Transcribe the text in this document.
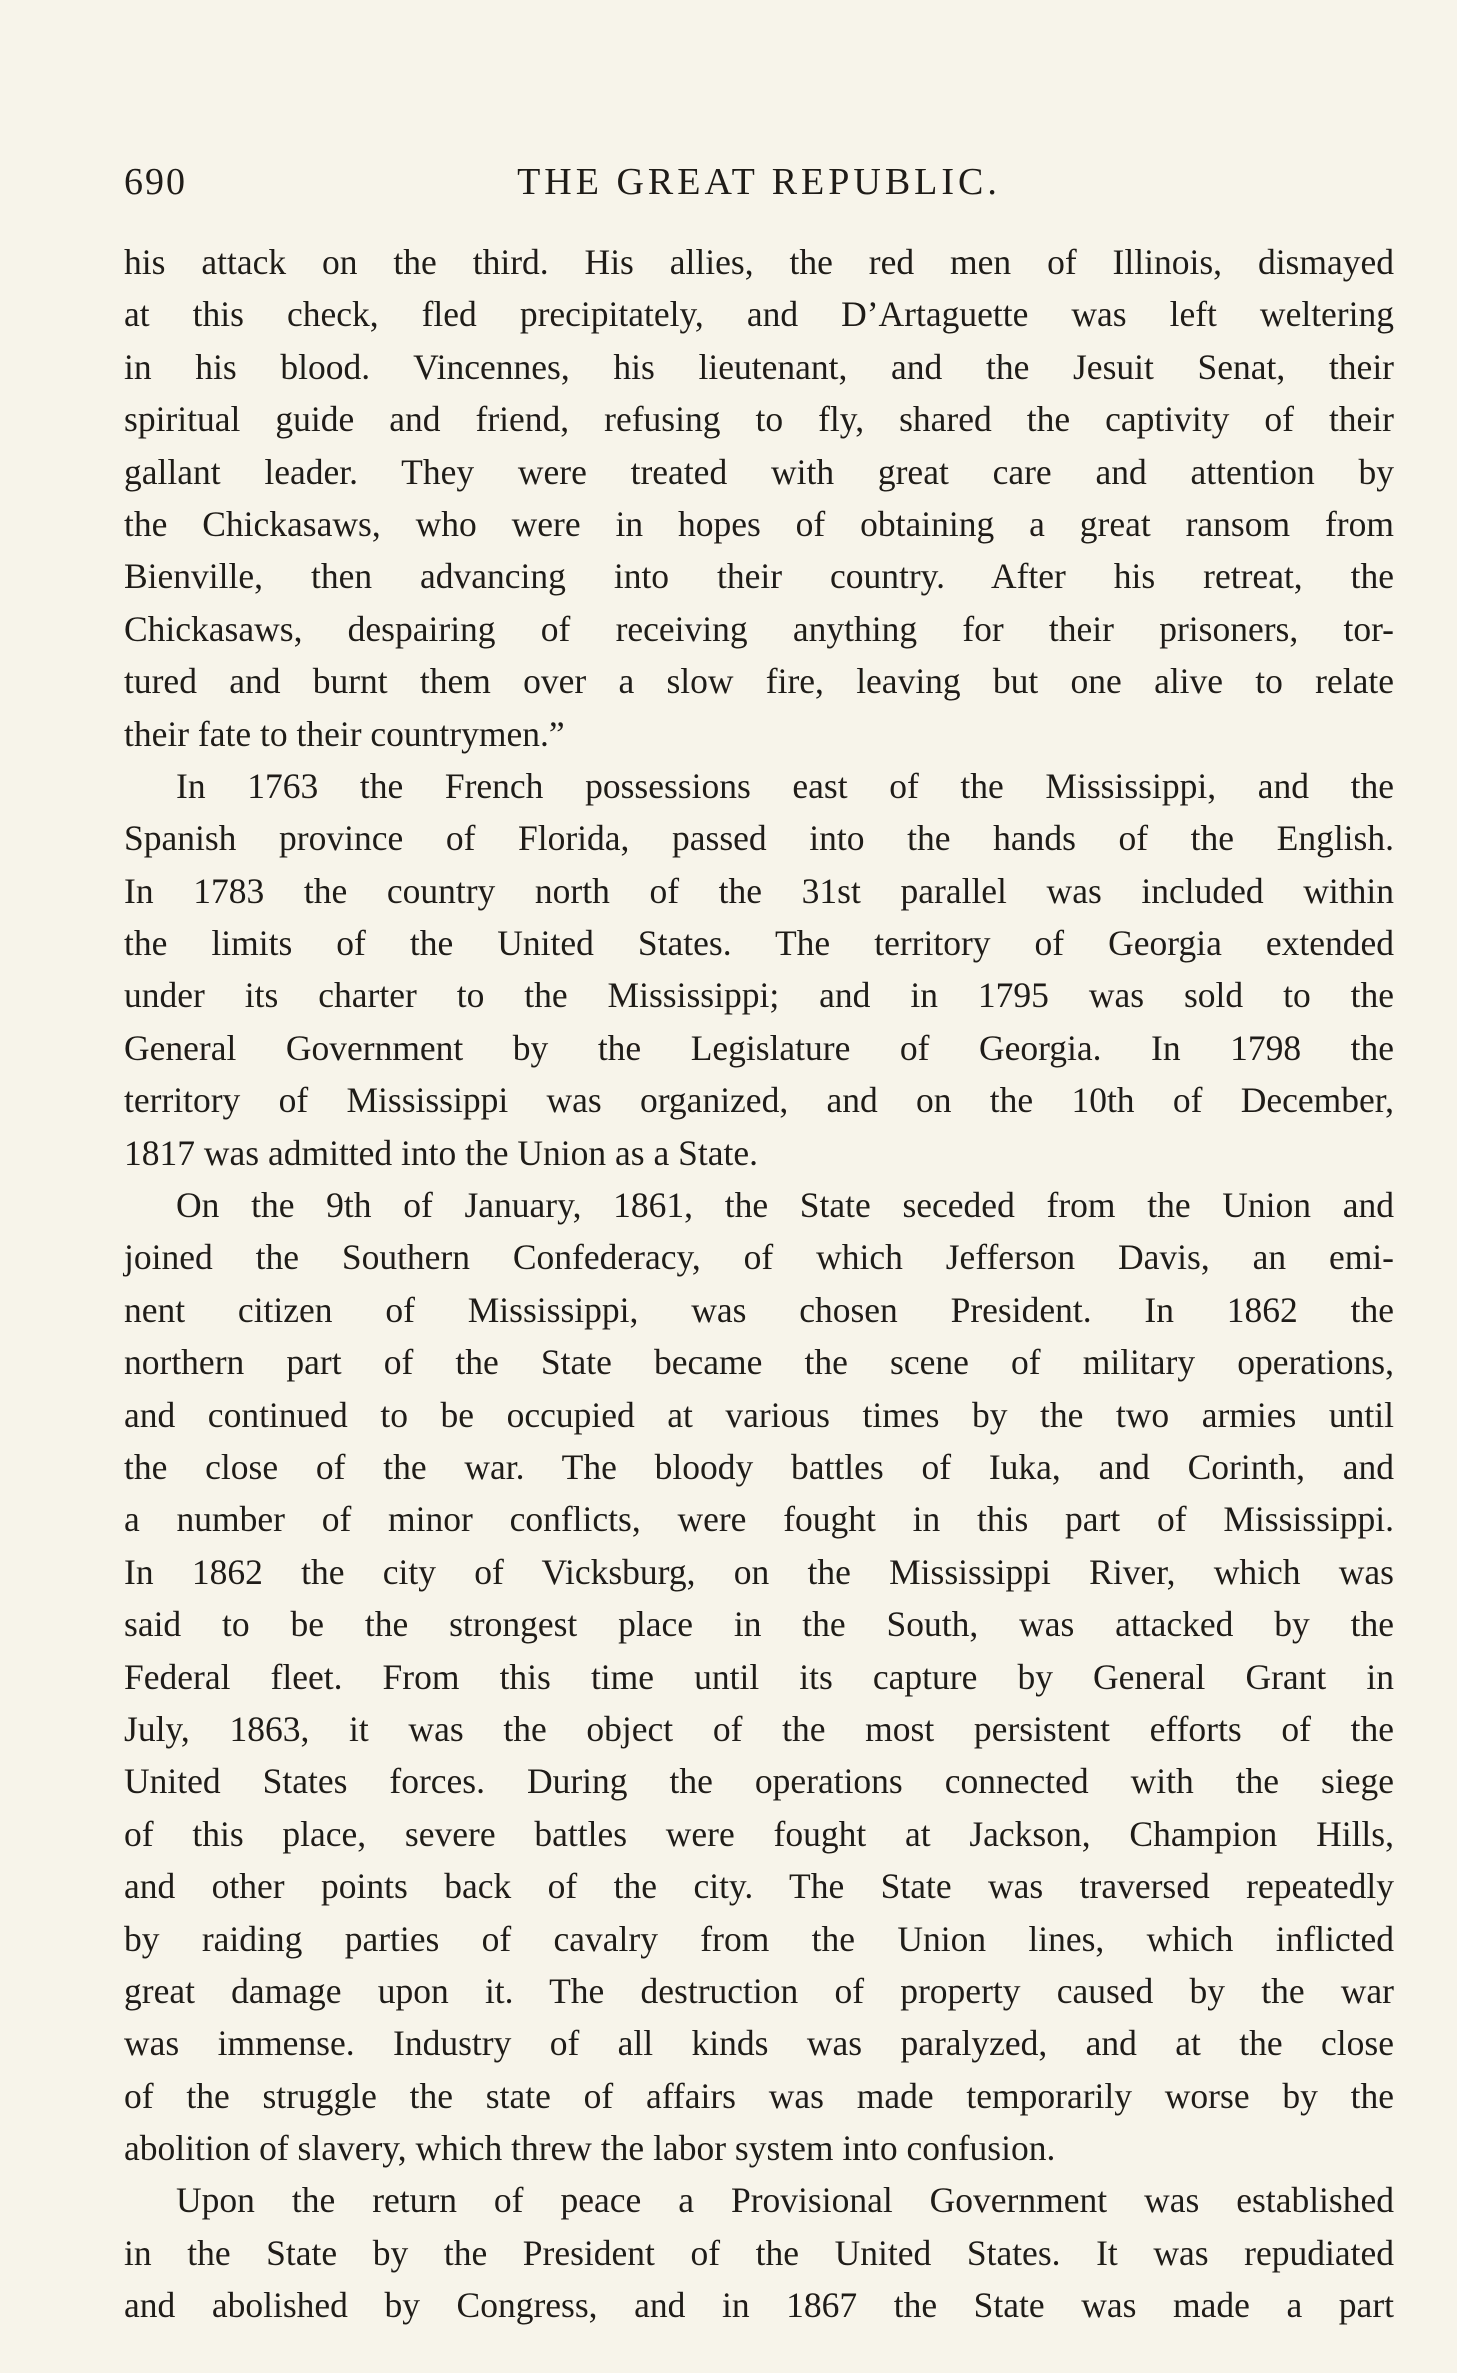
690	THE GREAT REPUBLIC.

his attack on the third. His allies, the red men of Illinois, dismayed
at this check, fled precipitately, and D’Artaguette was left weltering
in his blood. Vincennes, his lieutenant, and the Jesuit Senat, their
spiritual guide and friend, refusing to fly, shared the captivity of their
gallant leader. They were treated with great care and attention by
the Chickasaws, who were in hopes of obtaining a great ransom from
Bienville, then advancing into their country. After his retreat, the
Chickasaws, despairing of receiving anything for their prisoners, tor-
tured and burnt them over a slow fire, leaving but one alive to relate
their fate to their countrymen.”

In 1763 the French possessions east of the Mississippi, and the
Spanish province of Florida, passed into the hands of the English.
In 1783 the country north of the 31st parallel was included within
the limits of the United States. The territory of Georgia extended
under its charter to the Mississippi; and in 1795 was sold to the
General Government by the Legislature of Georgia. In 1798 the
territory of Mississippi was organized, and on the 10th of December,
1817 was admitted into the Union as a State.

On the 9th of January, 1861, the State seceded from the Union and
joined the Southern Confederacy, of which Jefferson Davis, an emi-
nent citizen of Mississippi, was chosen President. In 1862 the
northern part of the State became the scene of military operations,
and continued to be occupied at various times by the two armies until
the close of the war. The bloody battles of Iuka, and Corinth, and
a number of minor conflicts, were fought in this part of Mississippi.
In 1862 the city of Vicksburg, on the Mississippi River, which was
said to be the strongest place in the South, was attacked by the
Federal fleet. From this time until its capture by General Grant in
July, 1863, it was the object of the most persistent efforts of the
United States forces. During the operations connected with the siege
of this place, severe battles were fought at Jackson, Champion Hills,
and other points back of the city. The State was traversed repeatedly
by raiding parties of cavalry from the Union lines, which inflicted
great damage upon it. The destruction of property caused by the war
was immense. Industry of all kinds was paralyzed, and at the close
of the struggle the state of affairs was made temporarily worse by the
abolition of slavery, which threw the labor system into confusion.

Upon the return of peace a Provisional Government was established
in the State by the President of the United States. It was repudiated
and abolished by Congress, and in 1867 the State was made a part
